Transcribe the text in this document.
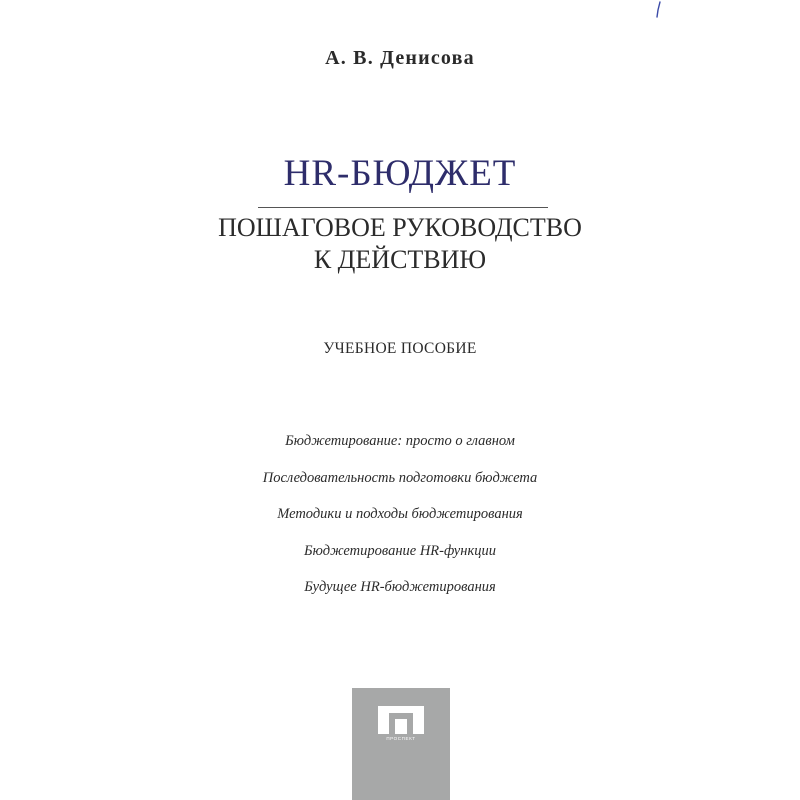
А. В. Денисова
HR-БЮДЖЕТ
ПОШАГОВОЕ РУКОВОДСТВО
К ДЕЙСТВИЮ
УЧЕБНОЕ ПОСОБИЕ
Бюджетирование: просто о главном
Последовательность подготовки бюджета
Методики и подходы бюджетирования
Бюджетирование HR-функции
Будущее HR-бюджетирования
ПРОСПЕКТ
